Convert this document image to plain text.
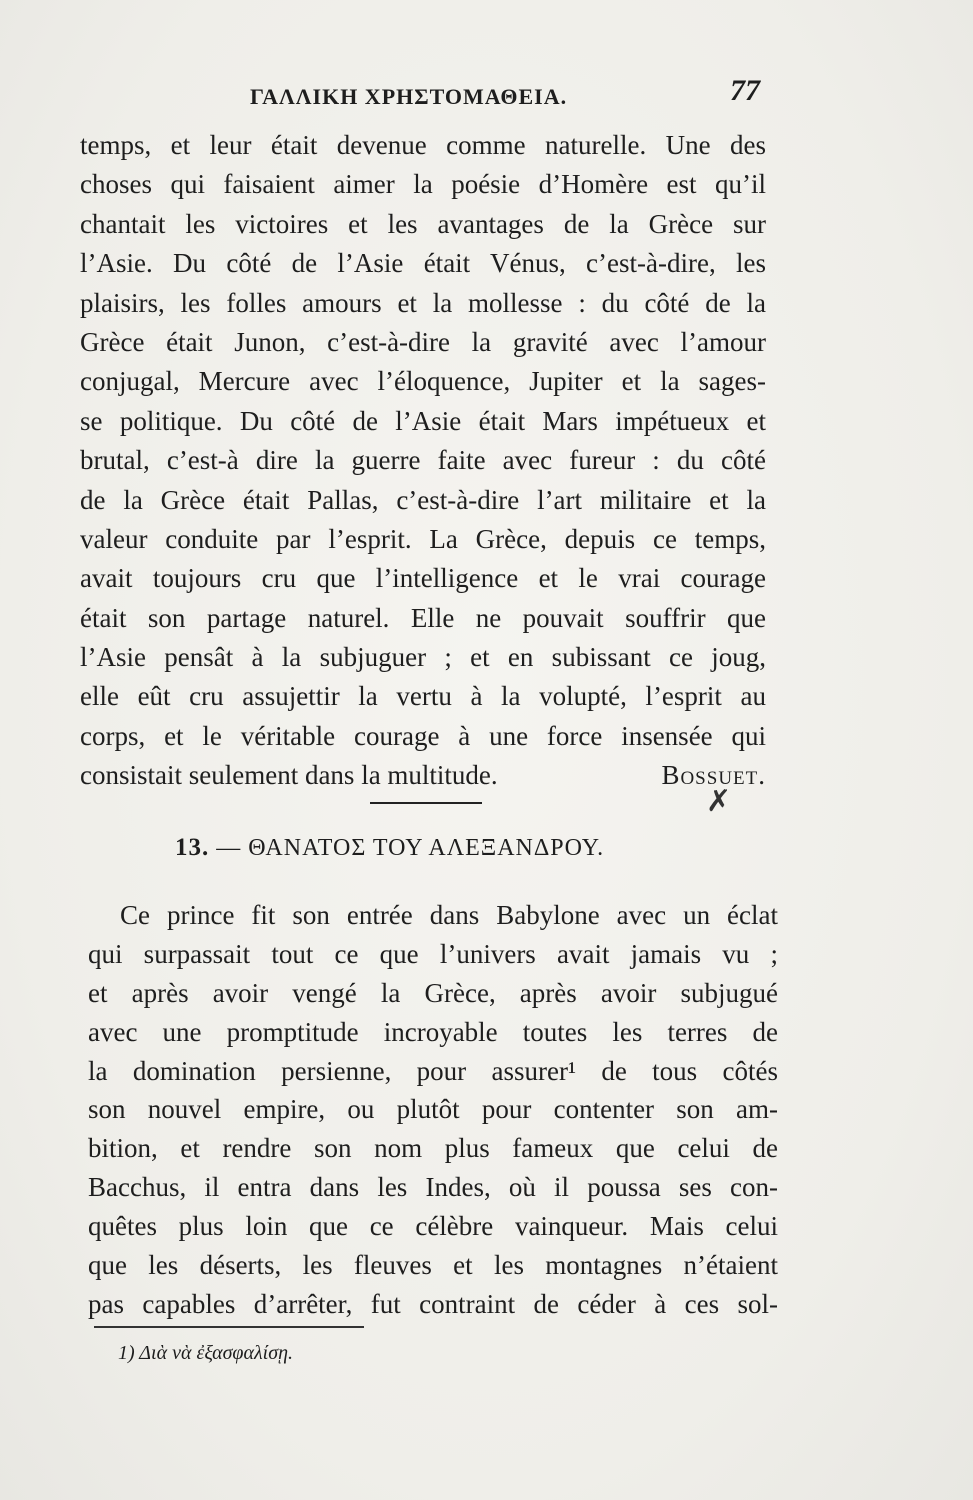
ΓΑΛΛΙΚΗ ΧΡΗΣΤΟΜΑΘΕΙΑ.	77
temps, et leur était devenue comme naturelle. Une des
choses qui faisaient aimer la poésie d’Homère est qu’il
chantait les victoires et les avantages de la Grèce sur
l’Asie. Du côté de l’Asie était Vénus, c’est-à-dire, les
plaisirs, les folles amours et la mollesse : du côté de la
Grèce était Junon, c’est-à-dire la gravité avec l’amour
conjugal, Mercure avec l’éloquence, Jupiter et la sages-
se politique. Du côté de l’Asie était Mars impétueux et
brutal, c’est-à dire la guerre faite avec fureur : du côté
de la Grèce était Pallas, c’est-à-dire l’art militaire et la
valeur conduite par l’esprit. La Grèce, depuis ce temps,
avait toujours cru que l’intelligence et le vrai courage
était son partage naturel. Elle ne pouvait souffrir que
l’Asie pensât à la subjuguer ; et en subissant ce joug,
elle eût cru assujettir la vertu à la volupté, l’esprit au
corps, et le véritable courage à une force insensée qui
consistait seulement dans la multitude.	Bossuet.
✗
13. — ΘΑΝΑΤΟΣ ΤΟΥ ΑΛΕΞΑΝΔΡΟΥ.
Ce prince fit son entrée dans Babylone avec un éclat
qui surpassait tout ce que l’univers avait jamais vu ;
et après avoir vengé la Grèce, après avoir subjugué
avec une promptitude incroyable toutes les terres de
la domination persienne, pour assurer¹ de tous côtés
son nouvel empire, ou plutôt pour contenter son am-
bition, et rendre son nom plus fameux que celui de
Bacchus, il entra dans les Indes, où il poussa ses con-
quêtes plus loin que ce célèbre vainqueur. Mais celui
que les déserts, les fleuves et les montagnes n’étaient
pas capables d’arrêter, fut contraint de céder à ces sol-
1) Διὰ νὰ ἐξασφαλίσῃ.
